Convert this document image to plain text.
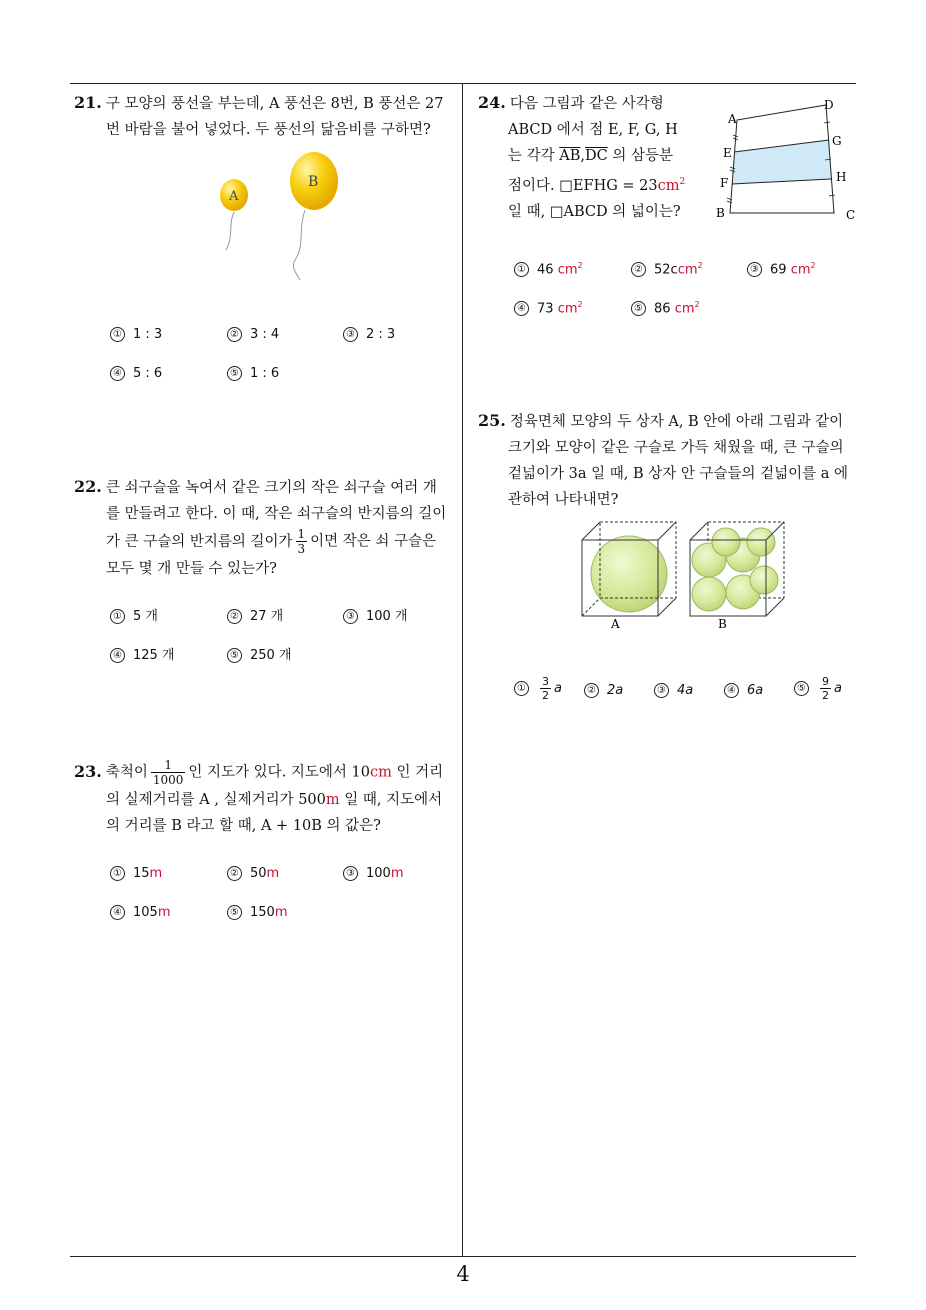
21. 구 모양의 풍선을 부는데, A 풍선은 8번, B 풍선은 27
번 바람을 불어 넣었다. 두 풍선의 닮음비를 구하면?
A
B
① 1 : 3	② 3 : 4	③ 2 : 3
④ 5 : 6	⑤ 1 : 6
22. 큰 쇠구슬을 녹여서 같은 크기의 작은 쇠구슬 여러 개
를 만들려고 한다. 이 때, 작은 쇠구슬의 반지름의 길이
가 큰 구슬의 반지름의 길이가 $\frac{1}{3}$ 이면 작은 쇠 구슬은
모두 몇 개 만들 수 있는가?
① 5 개	② 27 개	③ 100 개
④ 125 개	⑤ 250 개
23. 축척이 $\frac{1}{1000}$ 인 지도가 있다. 지도에서 10cm 인 거리
의 실제거리를 A , 실제거리가 500m 일 때, 지도에서
의 거리를 B 라고 할 때, A + 10B 의 값은?
① 15m	② 50m	③ 100m
④ 105m	⑤ 150m
24. 다음 그림과 같은 사각형
ABCD 에서 점 E, F, G, H
는 각각 $\overline{AB},\overline{DC}$ 의 삼등분
점이다. □EFHG = $23cm^2$
일 때, □ABCD 의 넓이는?
A
D
G
E
F	H
B	C
① 46 $cm^2$	② 52ccm$^2$	③ 69 $cm^2$
④ 73 $cm^2$	⑤ 86 $cm^2$
25. 정육면체 모양의 두 상자 A, B 안에 아래 그림과 같이
크기와 모양이 같은 구슬로 가득 채웠을 때, 큰 구슬의
겉넓이가 3a 일 때, B 상자 안 구슬들의 겉넓이를 a 에
관하여 나타내면?
A	B
① $\frac{3}{2}$ a	② 2a	③ 4a	④ 6a	⑤ $\frac{9}{2}$ a
4
